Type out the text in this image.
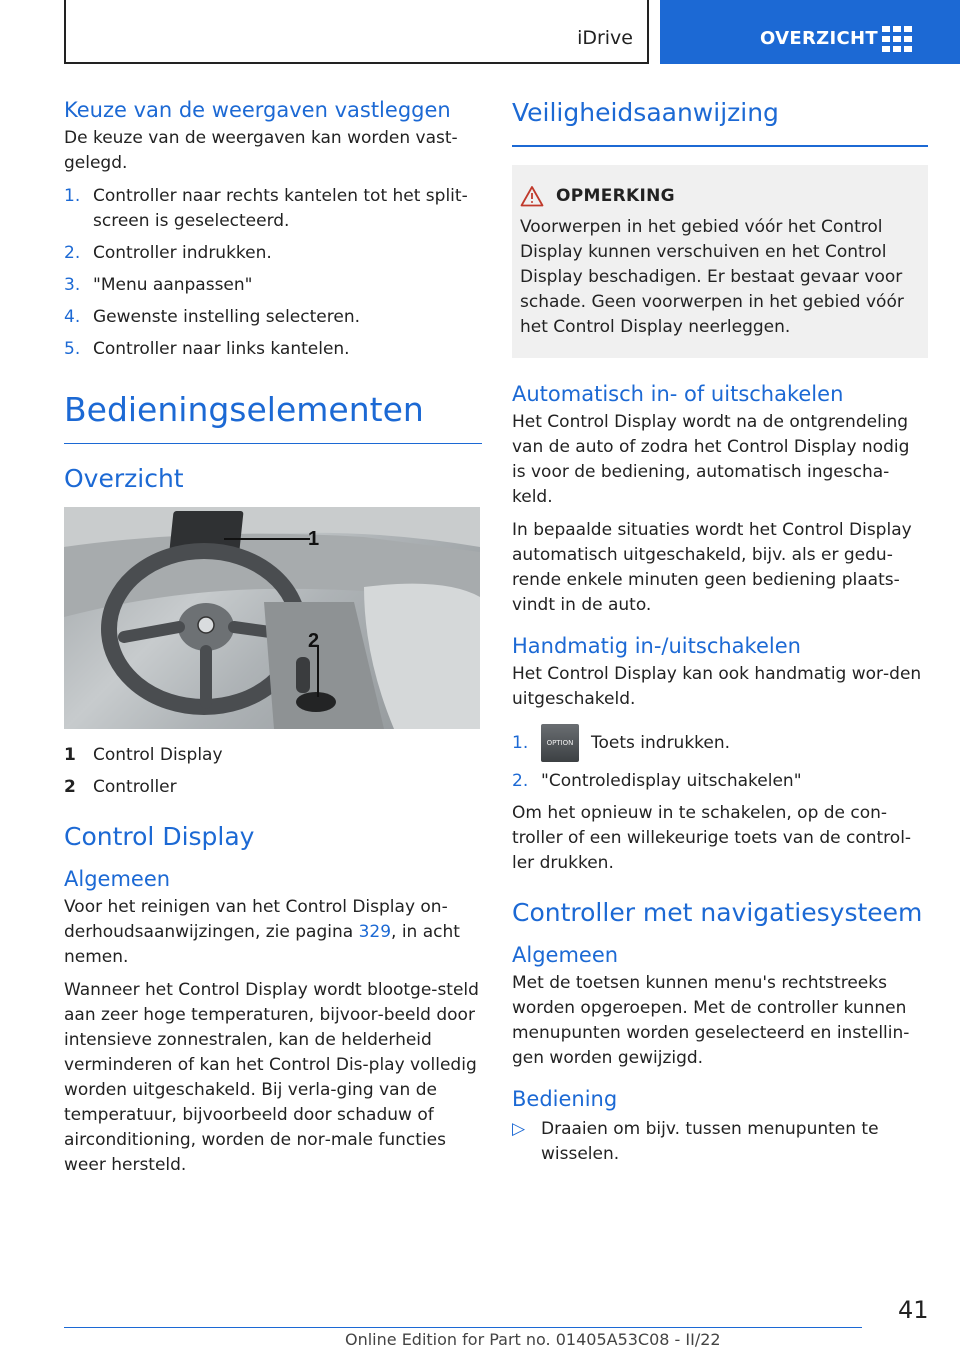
iDrive	OVERZICHT
Keuze van de weergaven vastleggen

De keuze van de weergaven kan worden vast‐gelegd.

1. Controller naar rechts kantelen tot het split‐screen is geselecteerd.
2. Controller indrukken.
3. "Menu aanpassen"
4. Gewenste instelling selecteren.
5. Controller naar links kantelen.
Bedieningselementen
Overzicht
1
2
1	Control Display
2	Controller
Control Display
Algemeen

Voor het reinigen van het Control Display on‐derhoudsaanwijzingen, zie pagina 329, in acht nemen.

Wanneer het Control Display wordt blootge‐steld aan zeer hoge temperaturen, bijvoor‐beeld door intensieve zonnestralen, kan de helderheid verminderen of kan het Control Dis‐play volledig worden uitgeschakeld. Bij verla‐ging van de temperatuur, bijvoorbeeld door schaduw of airconditioning, worden de nor‐male functies weer hersteld.

Veiligheidsaanwijzing
OPMERKING

Voorwerpen in het gebied vóór het Control Display kunnen verschuiven en het Control Display beschadigen. Er bestaat gevaar voor schade. Geen voorwerpen in het gebied vóór het Control Display neerleggen.

Automatisch in- of uitschakelen

Het Control Display wordt na de ontgrendeling van de auto of zodra het Control Display nodig is voor de bediening, automatisch ingescha‐keld.

In bepaalde situaties wordt het Control Display automatisch uitgeschakeld, bijv. als er gedu‐rende enkele minuten geen bediening plaats‐vindt in de auto.

Handmatig in-/uitschakelen

Het Control Display kan ook handmatig wor‐den uitgeschakeld.

1.	OPTION	Toets indrukken.
2. "Controledisplay uitschakelen"

Om het opnieuw in te schakelen, op de con‐troller of een willekeurige toets van de control‐ler drukken.

Controller met navigatiesysteem
Algemeen

Met de toetsen kunnen menu's rechtstreeks worden opgeroepen. Met de controller kunnen menupunten worden geselecteerd en instellin‐gen worden gewijzigd.

Bediening
▷ Draaien om bijv. tussen menupunten te wisselen.
41
Online Edition for Part no. 01405A53C08 - II/22
